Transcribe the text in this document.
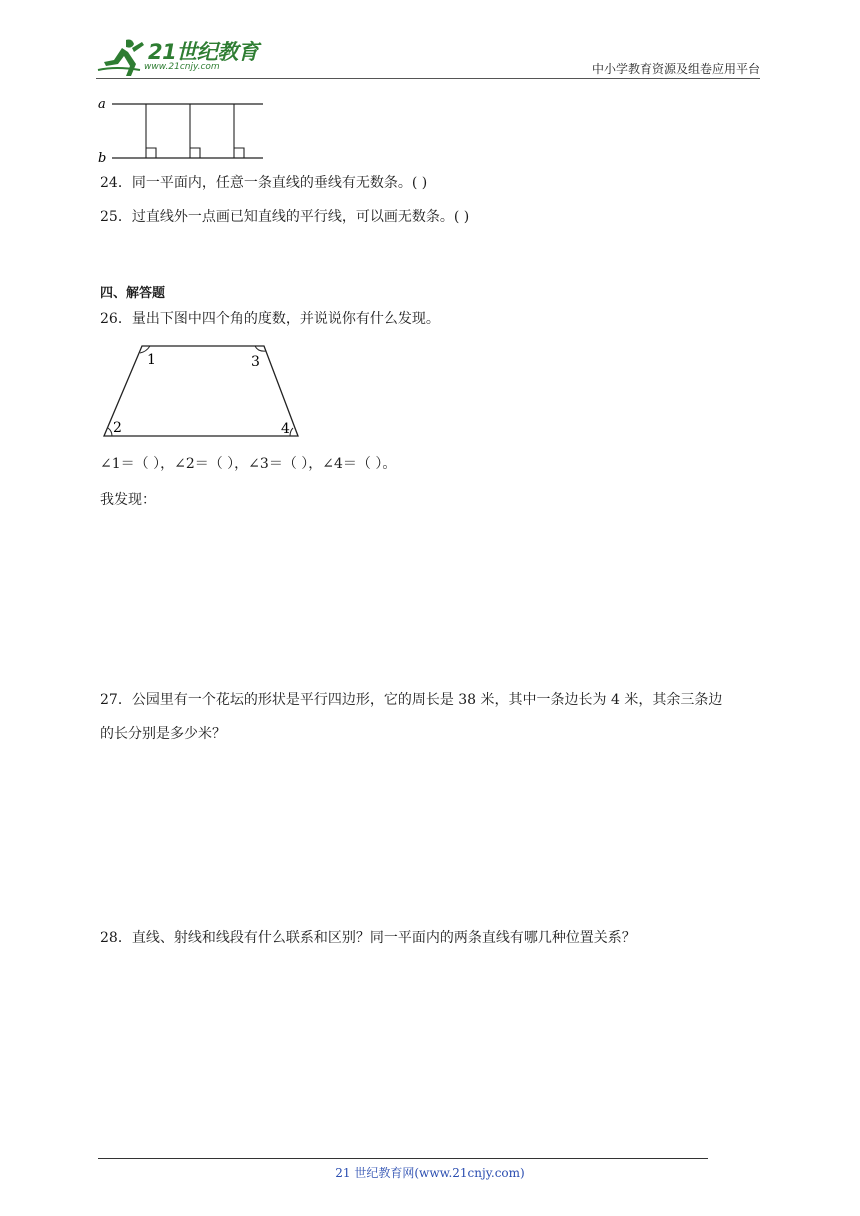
21世纪教育
www.21cnjy.com	中小学教育资源及组卷应用平台
a
b
24．同一平面内，任意一条直线的垂线有无数条。( )
25．过直线外一点画已知直线的平行线，可以画无数条。( )
四、解答题
26．量出下图中四个角的度数，并说说你有什么发现。
1	3
2	4
∠1＝（ ），∠2＝（ ），∠3＝（ ），∠4＝（ ）。
我发现：
27．公园里有一个花坛的形状是平行四边形，它的周长是 38 米，其中一条边长为 4 米，其余三条边
的长分别是多少米？
28．直线、射线和线段有什么联系和区别？同一平面内的两条直线有哪几种位置关系？
21 世纪教育网(www.21cnjy.com)
